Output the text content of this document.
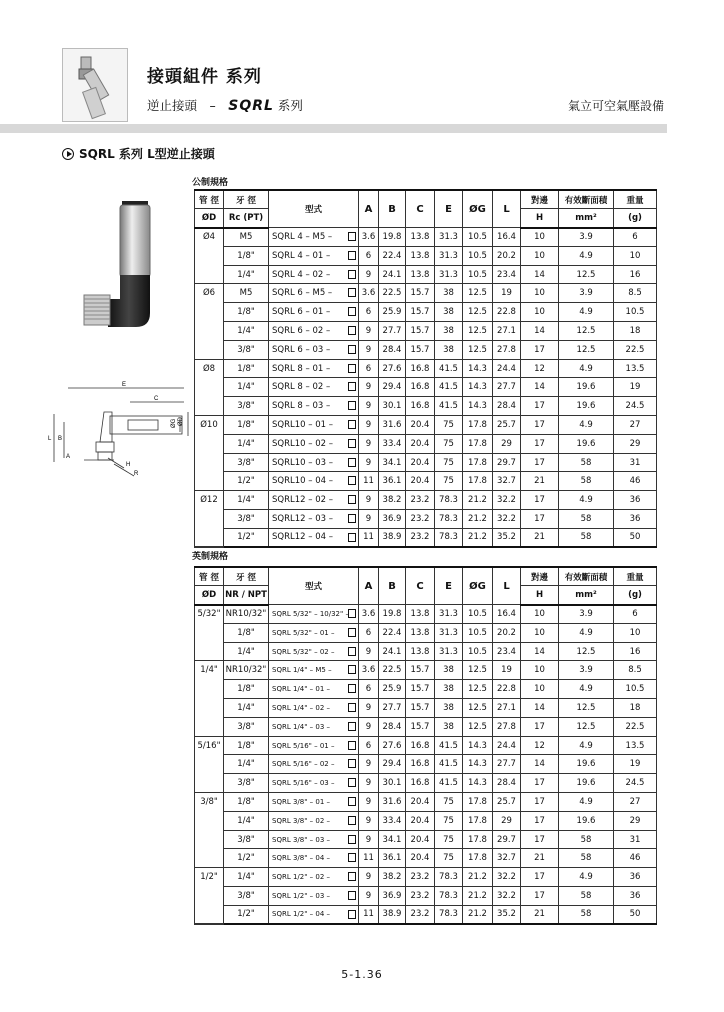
接頭組件 系列
逆止接頭　–　SQRL 系列	氣立可空氣壓設備
SQRL 系列 L型逆止接頭
E
C
ØD
ØG
L B
A
H
R
公制規格
管 徑	牙 徑	型式	A	B	C	E	ØG	L	對邊	有效斷面積	重量
ØD	Rc (PT)								H	mm²	(g)
Ø4	M5	SQRL 4 – M5 –	3.6	19.8	13.8	31.3	10.5	16.4	10	3.9	6
	1/8"	SQRL 4 – 01 –	6	22.4	13.8	31.3	10.5	20.2	10	4.9	10
	1/4"	SQRL 4 – 02 –	9	24.1	13.8	31.3	10.5	23.4	14	12.5	16
Ø6	M5	SQRL 6 – M5 –	3.6	22.5	15.7	38	12.5	19	10	3.9	8.5
	1/8"	SQRL 6 – 01 –	6	25.9	15.7	38	12.5	22.8	10	4.9	10.5
	1/4"	SQRL 6 – 02 –	9	27.7	15.7	38	12.5	27.1	14	12.5	18
	3/8"	SQRL 6 – 03 –	9	28.4	15.7	38	12.5	27.8	17	12.5	22.5
Ø8	1/8"	SQRL 8 – 01 –	6	27.6	16.8	41.5	14.3	24.4	12	4.9	13.5
	1/4"	SQRL 8 – 02 –	9	29.4	16.8	41.5	14.3	27.7	14	19.6	19
	3/8"	SQRL 8 – 03 –	9	30.1	16.8	41.5	14.3	28.4	17	19.6	24.5
Ø10	1/8"	SQRL10 – 01 –	9	31.6	20.4	75	17.8	25.7	17	4.9	27
	1/4"	SQRL10 – 02 –	9	33.4	20.4	75	17.8	29	17	19.6	29
	3/8"	SQRL10 – 03 –	9	34.1	20.4	75	17.8	29.7	17	58	31
	1/2"	SQRL10 – 04 –	11	36.1	20.4	75	17.8	32.7	21	58	46
Ø12	1/4"	SQRL12 – 02 –	9	38.2	23.2	78.3	21.2	32.2	17	4.9	36
	3/8"	SQRL12 – 03 –	9	36.9	23.2	78.3	21.2	32.2	17	58	36
	1/2"	SQRL12 – 04 –	11	38.9	23.2	78.3	21.2	35.2	21	58	50
英制規格
管 徑	牙 徑	型式	A	B	C	E	ØG	L	對邊	有效斷面積	重量
ØD	NR / NPT								H	mm²	(g)
5/32"	NR10/32"	SQRL 5/32" – 10/32" –	3.6	19.8	13.8	31.3	10.5	16.4	10	3.9	6
	1/8"	SQRL 5/32" – 01 –	6	22.4	13.8	31.3	10.5	20.2	10	4.9	10
	1/4"	SQRL 5/32" – 02 –	9	24.1	13.8	31.3	10.5	23.4	14	12.5	16
1/4"	NR10/32"	SQRL 1/4" – M5 –	3.6	22.5	15.7	38	12.5	19	10	3.9	8.5
	1/8"	SQRL 1/4" – 01 –	6	25.9	15.7	38	12.5	22.8	10	4.9	10.5
	1/4"	SQRL 1/4" – 02 –	9	27.7	15.7	38	12.5	27.1	14	12.5	18
	3/8"	SQRL 1/4" – 03 –	9	28.4	15.7	38	12.5	27.8	17	12.5	22.5
5/16"	1/8"	SQRL 5/16" – 01 –	6	27.6	16.8	41.5	14.3	24.4	12	4.9	13.5
	1/4"	SQRL 5/16" – 02 –	9	29.4	16.8	41.5	14.3	27.7	14	19.6	19
	3/8"	SQRL 5/16" – 03 –	9	30.1	16.8	41.5	14.3	28.4	17	19.6	24.5
3/8"	1/8"	SQRL 3/8" – 01 –	9	31.6	20.4	75	17.8	25.7	17	4.9	27
	1/4"	SQRL 3/8" – 02 –	9	33.4	20.4	75	17.8	29	17	19.6	29
	3/8"	SQRL 3/8" – 03 –	9	34.1	20.4	75	17.8	29.7	17	58	31
	1/2"	SQRL 3/8" – 04 –	11	36.1	20.4	75	17.8	32.7	21	58	46
1/2"	1/4"	SQRL 1/2" – 02 –	9	38.2	23.2	78.3	21.2	32.2	17	4.9	36
	3/8"	SQRL 1/2" – 03 –	9	36.9	23.2	78.3	21.2	32.2	17	58	36
	1/2"	SQRL 1/2" – 04 –	11	38.9	23.2	78.3	21.2	35.2	21	58	50
5-1.36
